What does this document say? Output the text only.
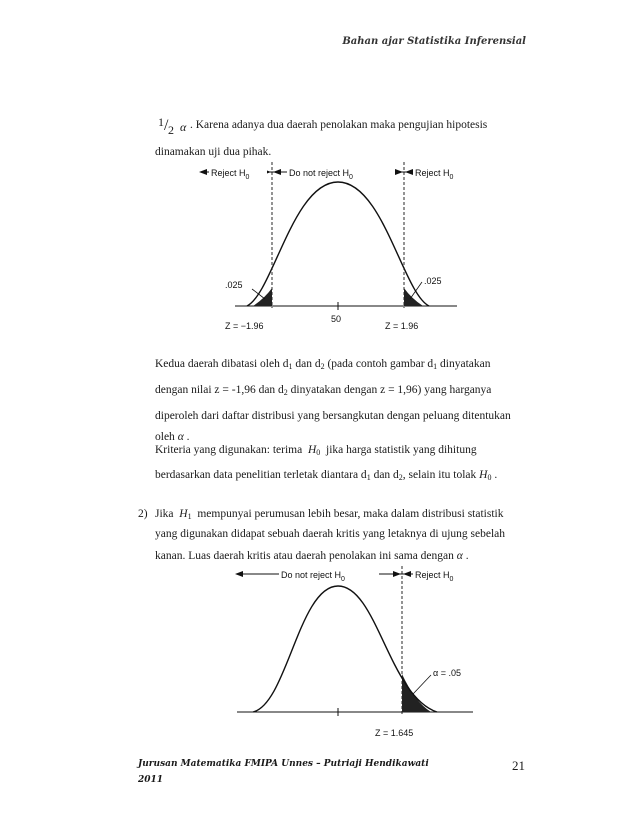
Bahan ajar Statistika Inferensial
1 / 2 α . Karena adanya dua daerah penolakan maka pengujian hipotesis
dinamakan uji dua pihak.
Reject $H_0$	Do not reject $H_0$	Reject $H_0$
.025	.025
Z = −1.96
50
Z = 1.96
Kedua daerah dibatasi oleh $d_1$ dan $d_2$ (pada contoh gambar $d_1$ dinyatakan
dengan nilai z = -1,96 dan $d_2$ dinyatakan dengan z = 1,96) yang harganya
diperoleh dari daftar distribusi yang bersangkutan dengan peluang ditentukan
oleh α .
Kriteria yang digunakan: terima $H_0$ jika harga statistik yang dihitung
berdasarkan data penelitian terletak diantara $d_1$ dan $d_2$, selain itu tolak $H_0$ .
2) Jika $H_1$ mempunyai perumusan lebih besar, maka dalam distribusi statistik
yang digunakan didapat sebuah daerah kritis yang letaknya di ujung sebelah
kanan. Luas daerah kritis atau daerah penolakan ini sama dengan α .
Do not reject $H_0$	Reject $H_0$
α = .05
Z = 1.645
Jurusan Matematika FMIPA Unnes – Putriaji Hendikawati
2011
21
